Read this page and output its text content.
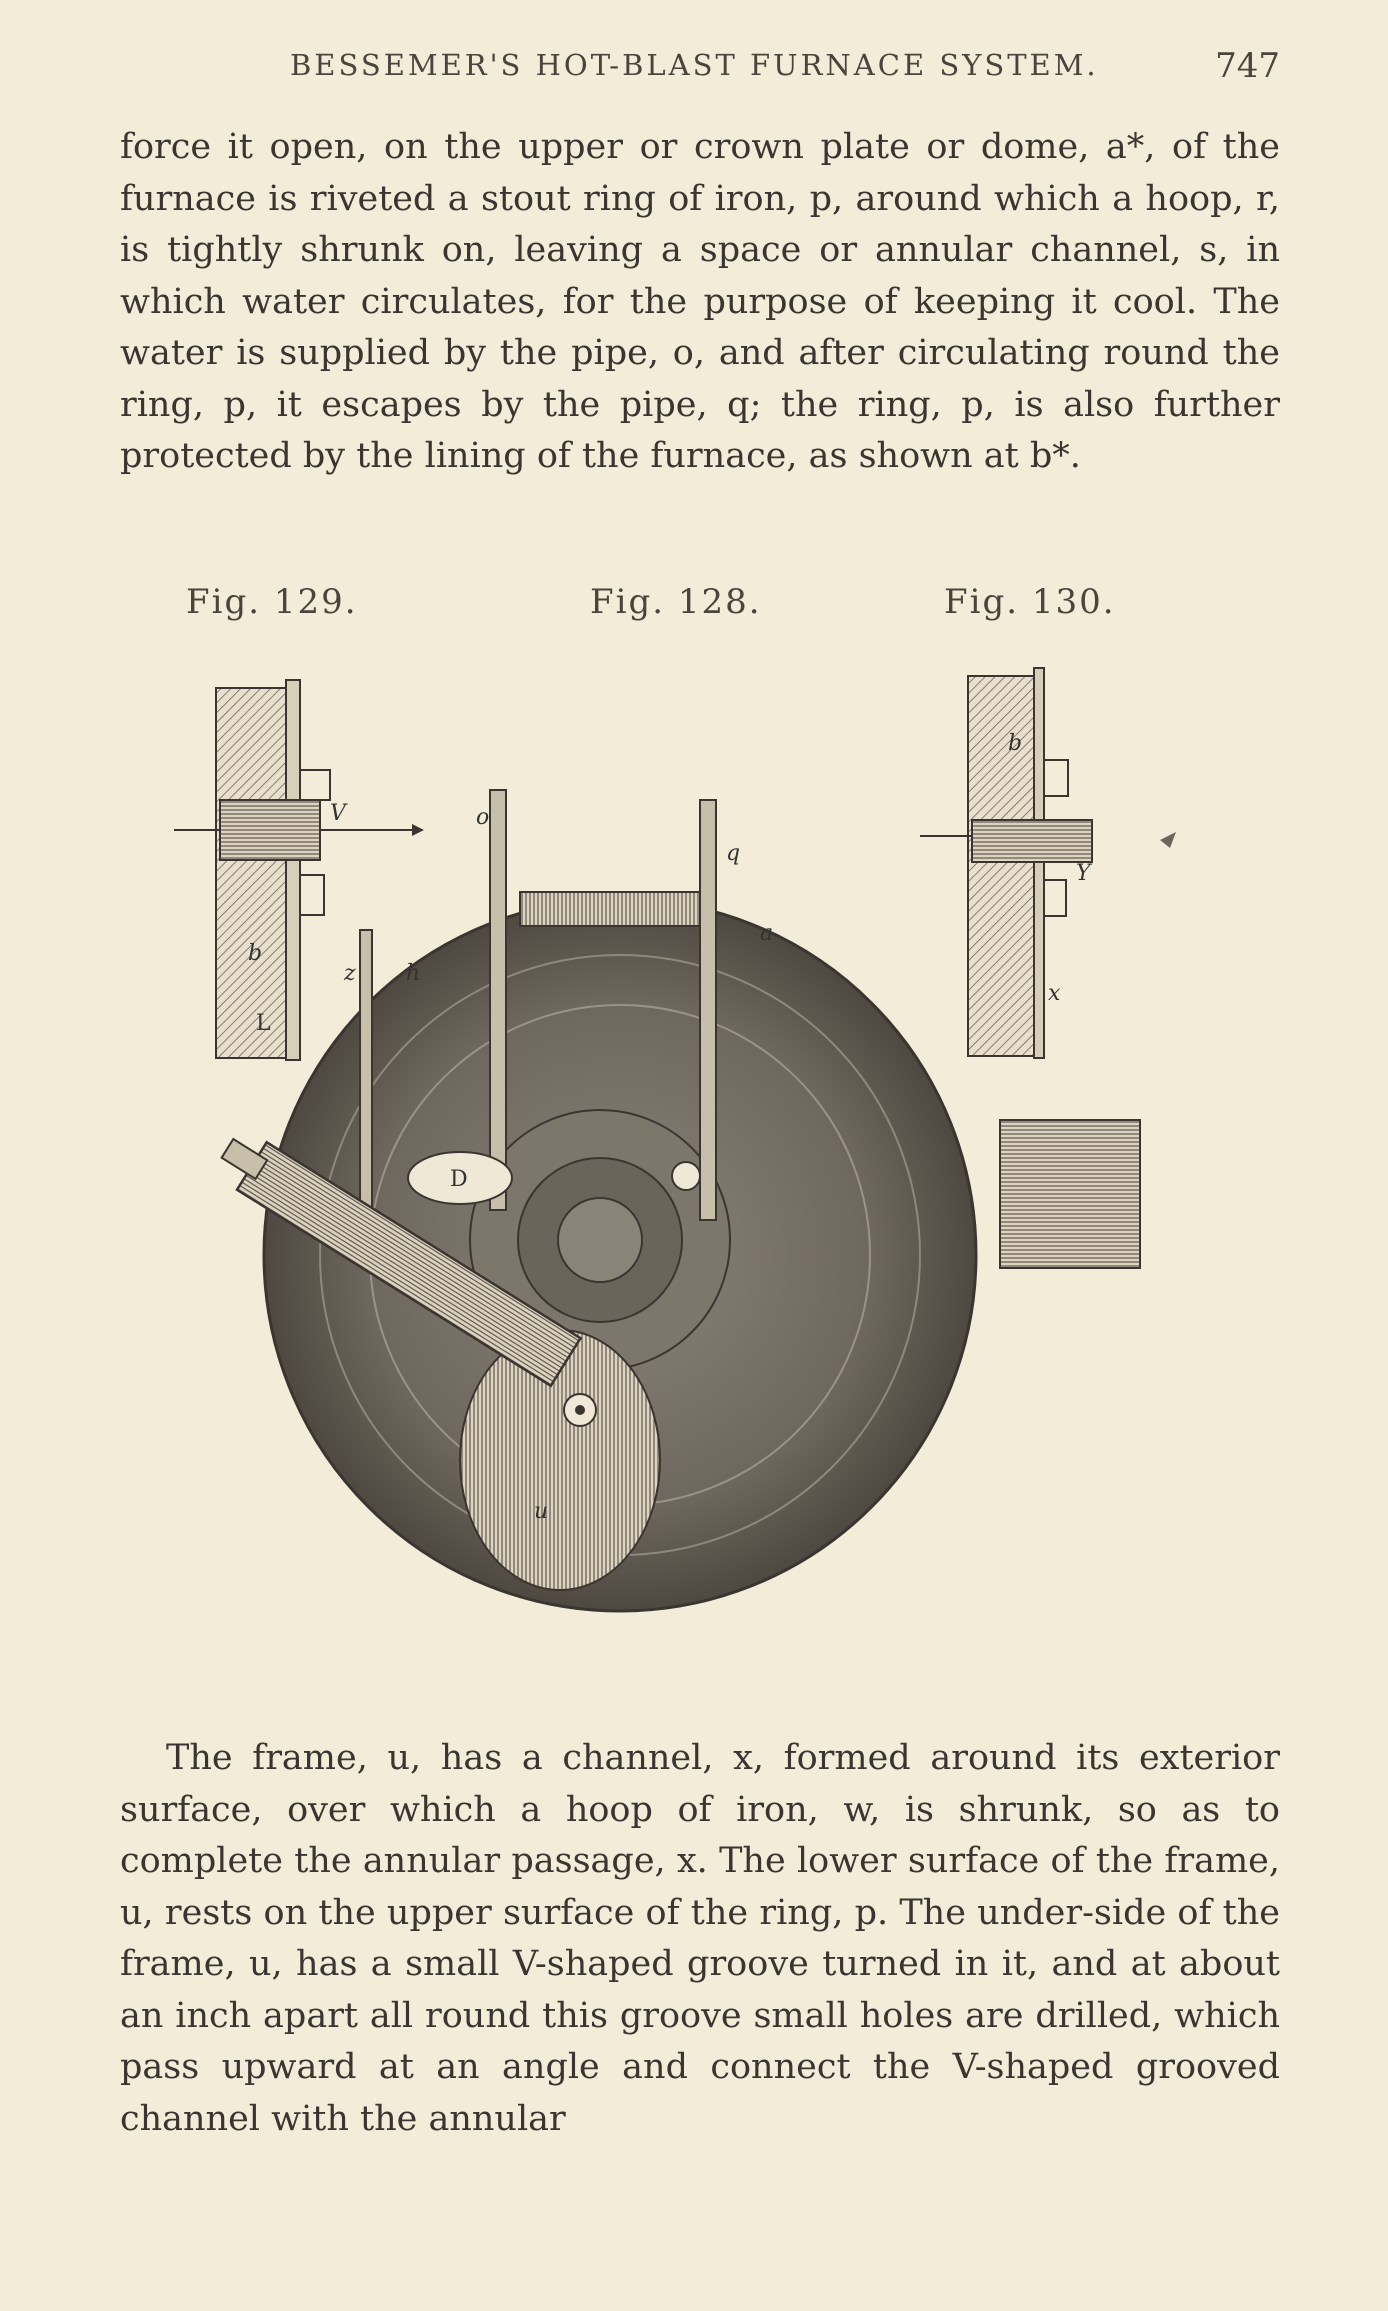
BESSEMER'S HOT-BLAST FURNACE SYSTEM.	747

force it open, on the upper or crown plate or dome, a*, of the furnace is riveted a stout ring of iron, p, around which a hoop, r, is tightly shrunk on, leaving a space or annular channel, s, in which water circulates, for the purpose of keeping it cool. The water is supplied by the pipe, o, and after circulating round the ring, p, it escapes by the pipe, q; the ring, p, is also further protected by the lining of the furnace, as shown at b*.

Fig. 129.	Fig. 128.	Fig. 130.
V
b
b
Y
x
o
q
a
z h
L
D
u

The frame, u, has a channel, x, formed around its exterior surface, over which a hoop of iron, w, is shrunk, so as to complete the annular passage, x. The lower surface of the frame, u, rests on the upper surface of the ring, p. The under-side of the frame, u, has a small V-shaped groove turned in it, and at about an inch apart all round this groove small holes are drilled, which pass upward at an angle and connect the V-shaped grooved channel with the annular
